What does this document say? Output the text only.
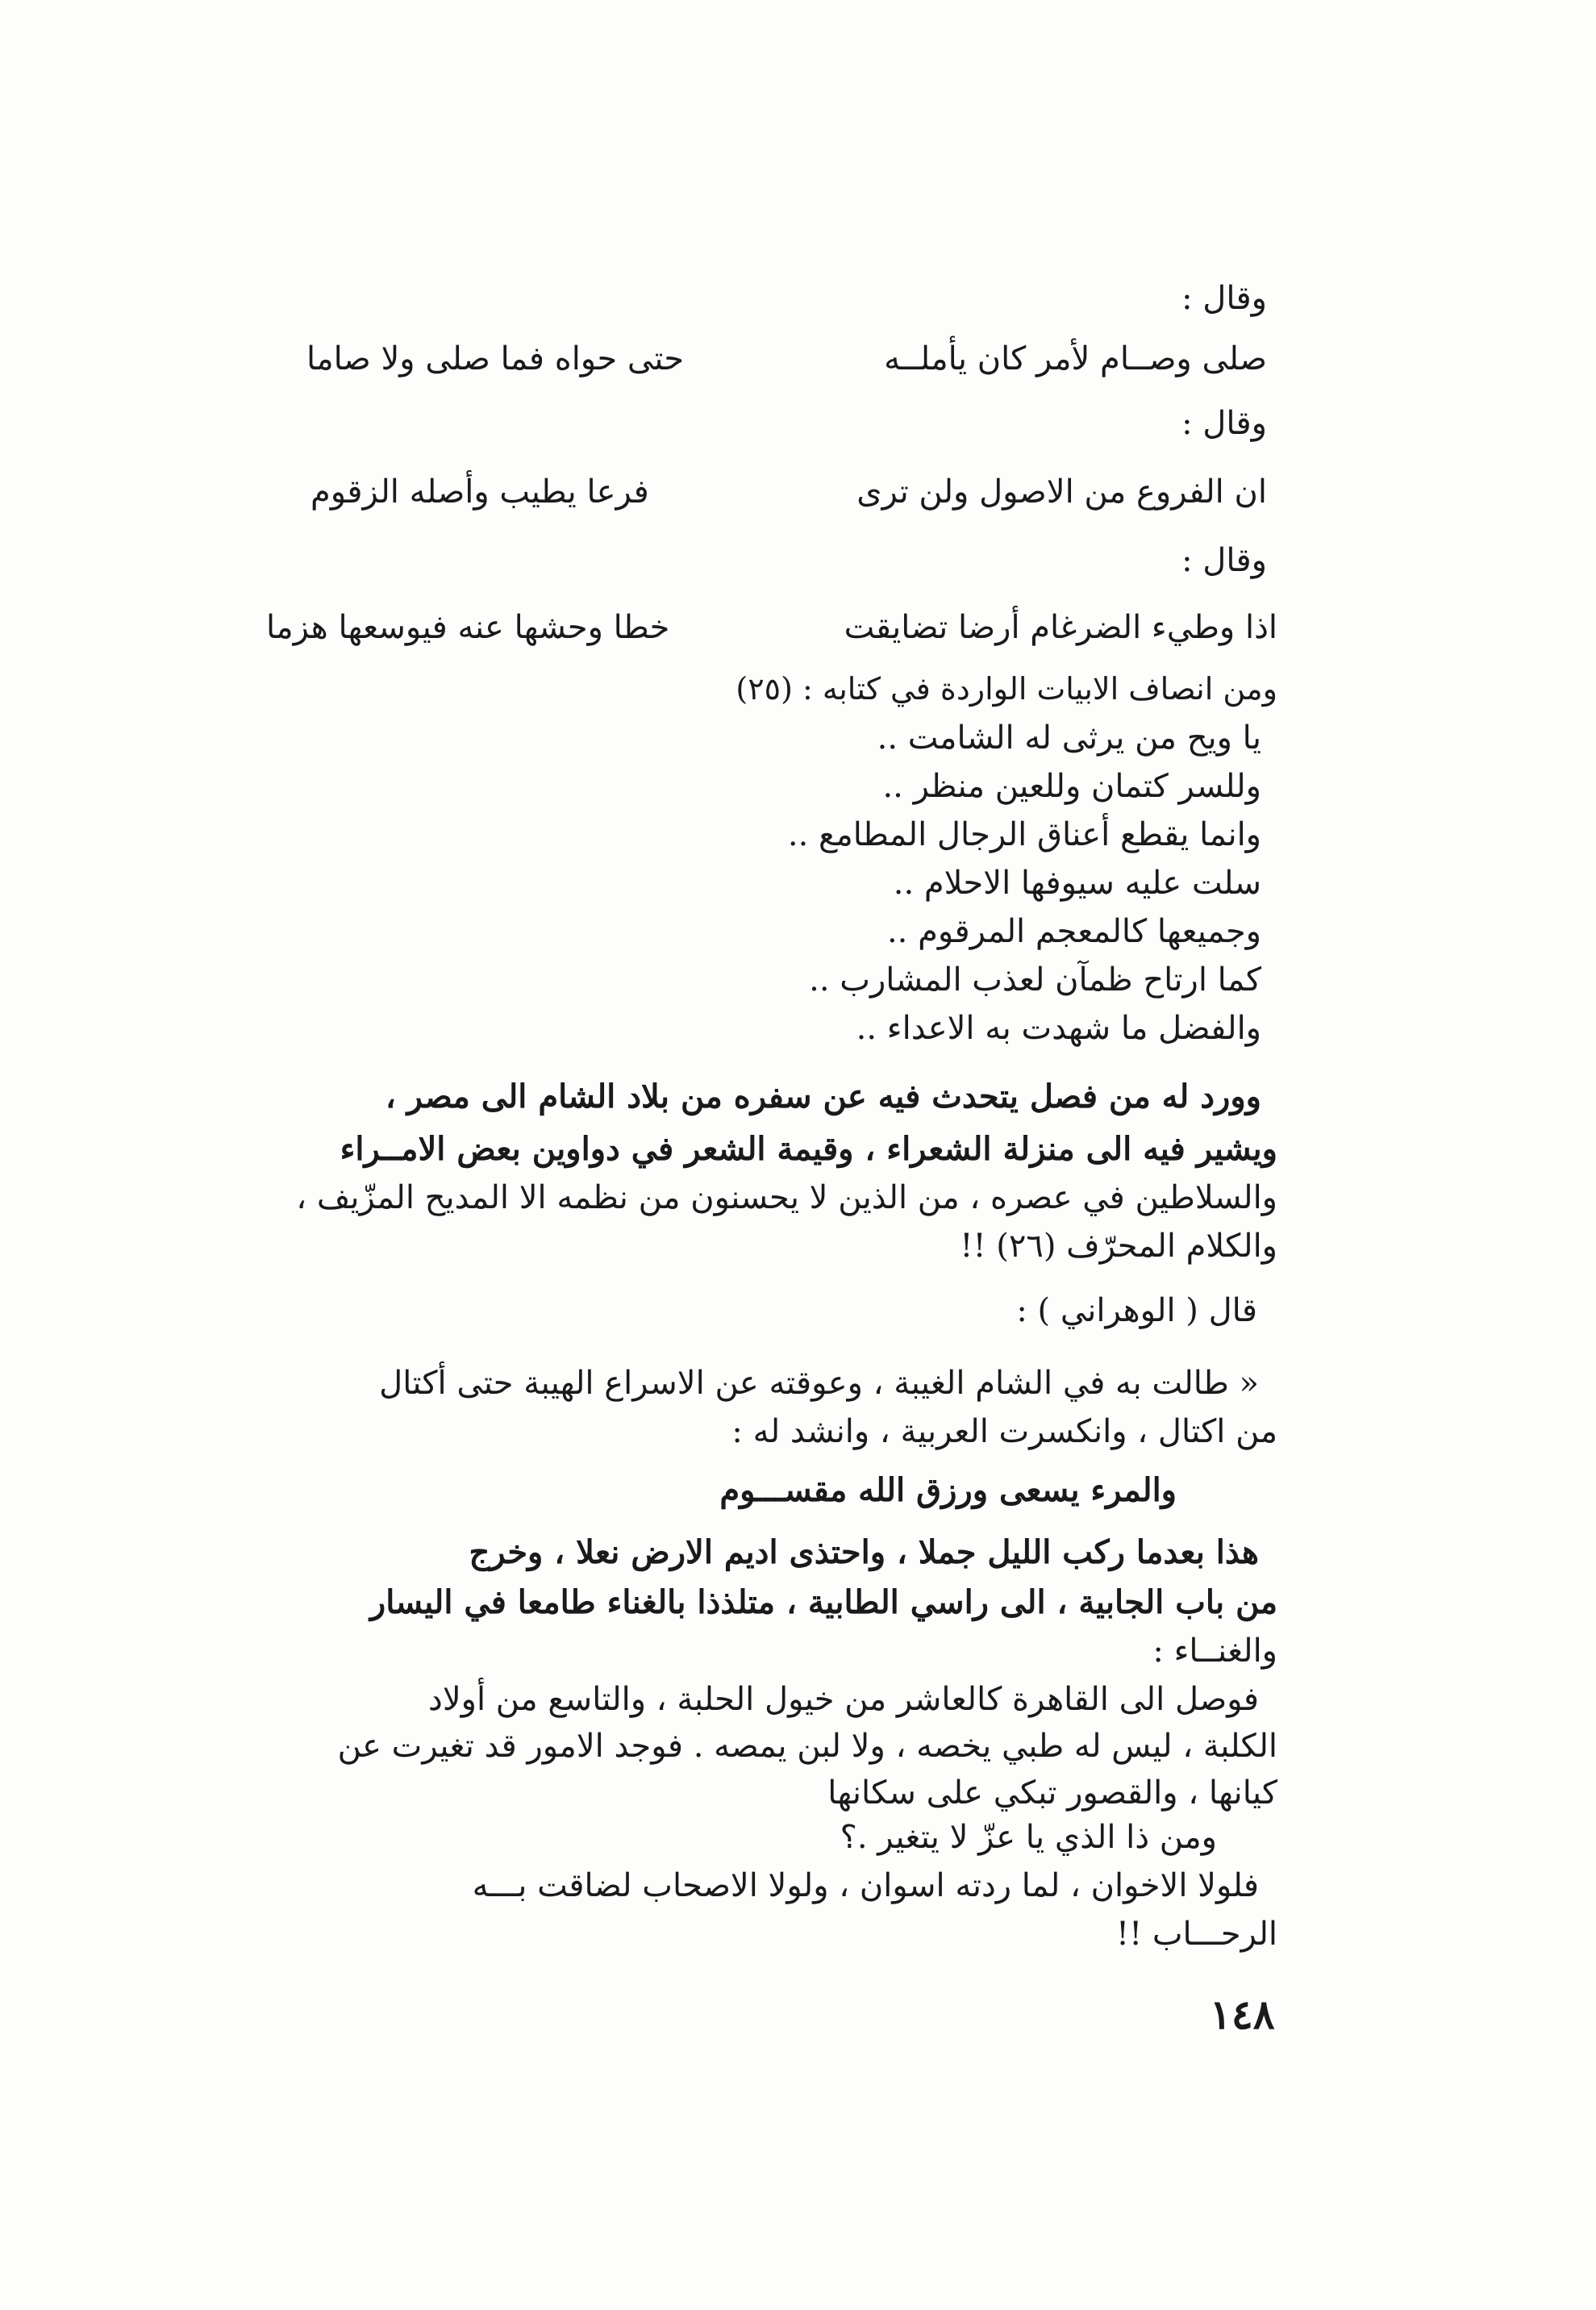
وقال :
صلى وصــام لأمر كان يأملــه
حتى حواه فما صلى ولا صاما
وقال :
ان الفروع من الاصول ولن ترى
فرعا يطيب وأصله الزقوم
وقال :
اذا وطيء الضرغام أرضا تضايقت
خطا وحشها عنه فيوسعها هزما
ومن انصاف الابيات الواردة في كتابه : (٢٥)
يا ويح من يرثى له الشامت ..
وللسر كتمان وللعين منظر ..
وانما يقطع أعناق الرجال المطامع ..
سلت عليه سيوفها الاحلام ..
وجميعها كالمعجم المرقوم ..
كما ارتاح ظمآن لعذب المشارب ..
والفضل ما شهدت به الاعداء ..
وورد له من فصل يتحدث فيه عن سفره من بلاد الشام الى مصر ،
ويشير فيه الى منزلة الشعراء ، وقيمة الشعر في دواوين بعض الامــراء
والسلاطين في عصره ، من الذين لا يحسنون من نظمه الا المديح المزّيف ،
والكلام المحرّف (٢٦) !!
قال ( الوهراني ) :
« طالت به في الشام الغيبة ، وعوقته عن الاسراع الهيبة حتى أكتال
من اكتال ، وانكسرت العربية ، وانشد له :
والمرء يسعى ورزق الله مقســـوم
هذا بعدما ركب الليل جملا ، واحتذى اديم الارض نعلا ، وخرج
من باب الجابية ، الى راسي الطابية ، متلذذا بالغناء طامعا في اليسار
والغنــاء :
فوصل الى القاهرة كالعاشر من خيول الحلبة ، والتاسع من أولاد
الكلبة ، ليس له طبي يخصه ، ولا لبن يمصه . فوجد الامور قد تغيرت عن
كيانها ، والقصور تبكي على سكانها
ومن ذا الذي يا عزّ لا يتغير .؟
فلولا الاخوان ، لما ردته اسوان ، ولولا الاصحاب لضاقت بـــه
الرحـــاب !!
١٤٨
